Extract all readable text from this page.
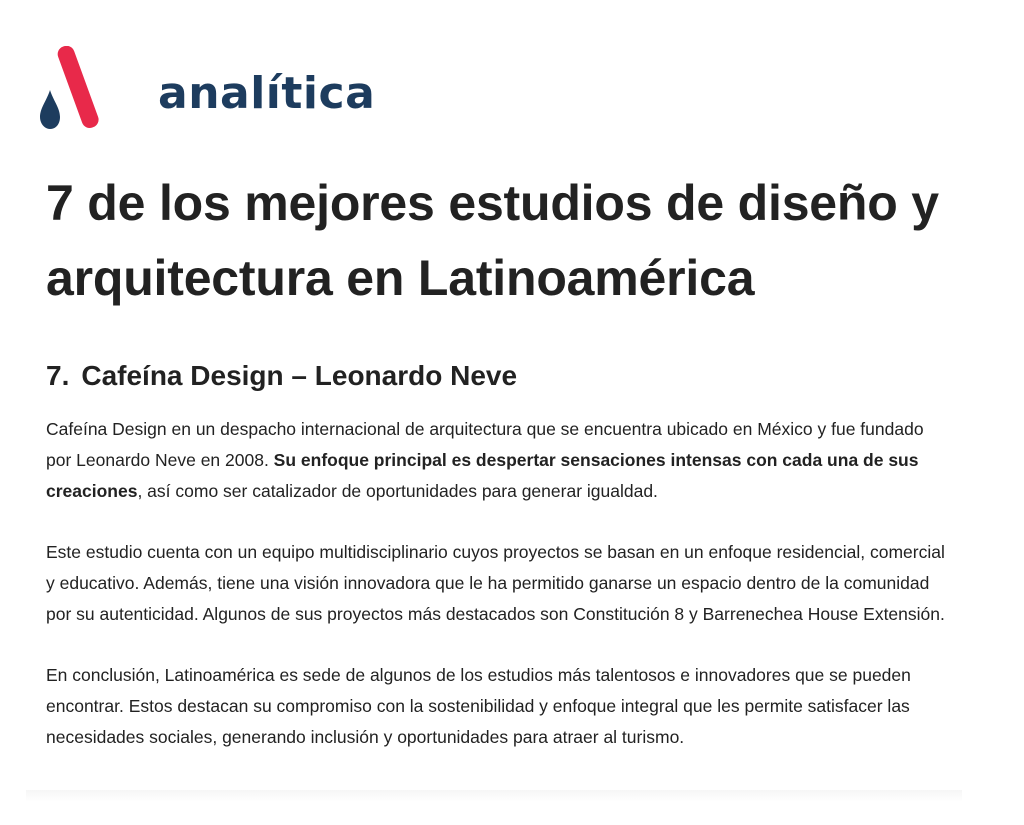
analítica
7 de los mejores estudios de diseño y arquitectura en Latinoamérica
7. Cafeína Design – Leonardo Neve

Cafeína Design en un despacho internacional de arquitectura que se encuentra ubicado en México y fue fundado por Leonardo Neve en 2008. Su enfoque principal es despertar sensaciones intensas con cada una de sus creaciones, así como ser catalizador de oportunidades para generar igualdad.

Este estudio cuenta con un equipo multidisciplinario cuyos proyectos se basan en un enfoque residencial, comercial y educativo. Además, tiene una visión innovadora que le ha permitido ganarse un espacio dentro de la comunidad por su autenticidad. Algunos de sus proyectos más destacados son Constitución 8 y Barrenechea House Extensión.

En conclusión, Latinoamérica es sede de algunos de los estudios más talentosos e innovadores que se pueden encontrar. Estos destacan su compromiso con la sostenibilidad y enfoque integral que les permite satisfacer las necesidades sociales, generando inclusión y oportunidades para atraer al turismo.
